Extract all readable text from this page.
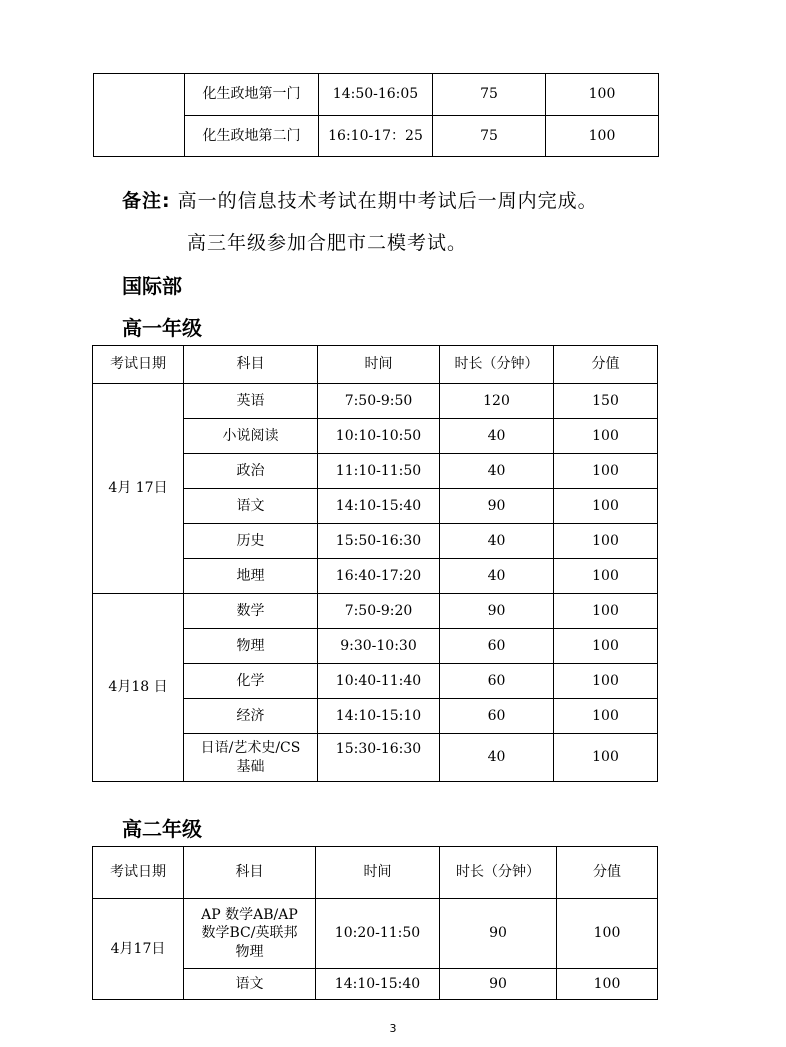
	化生政地第一门	14:50-16:05	75	100
	化生政地第二门	16:10-17：25	75	100
备注: 高一的信息技术考试在期中考试后一周内完成。
高三年级参加合肥市二模考试。
国际部
高一年级
考试日期	科目	时间	时长（分钟）	分值
4月 17日	英语	7:50-9:50	120	150
	小说阅读	10:10-10:50	40	100
	政治	11:10-11:50	40	100
	语文	14:10-15:40	90	100
	历史	15:50-16:30	40	100
	地理	16:40-17:20	40	100
4月18 日	数学	7:50-9:20	90	100
	物理	9:30-10:30	60	100
	化学	10:40-11:40	60	100
	经济	14:10-15:10	60	100
	日语/艺术史/CS
基础	15:30-16:30	40	100
高二年级
考试日期	科目	时间	时长（分钟）	分值
4月17日	AP 数学AB/AP
数学BC/英联邦
物理	10:20-11:50	90	100
	语文	14:10-15:40	90	100
3
